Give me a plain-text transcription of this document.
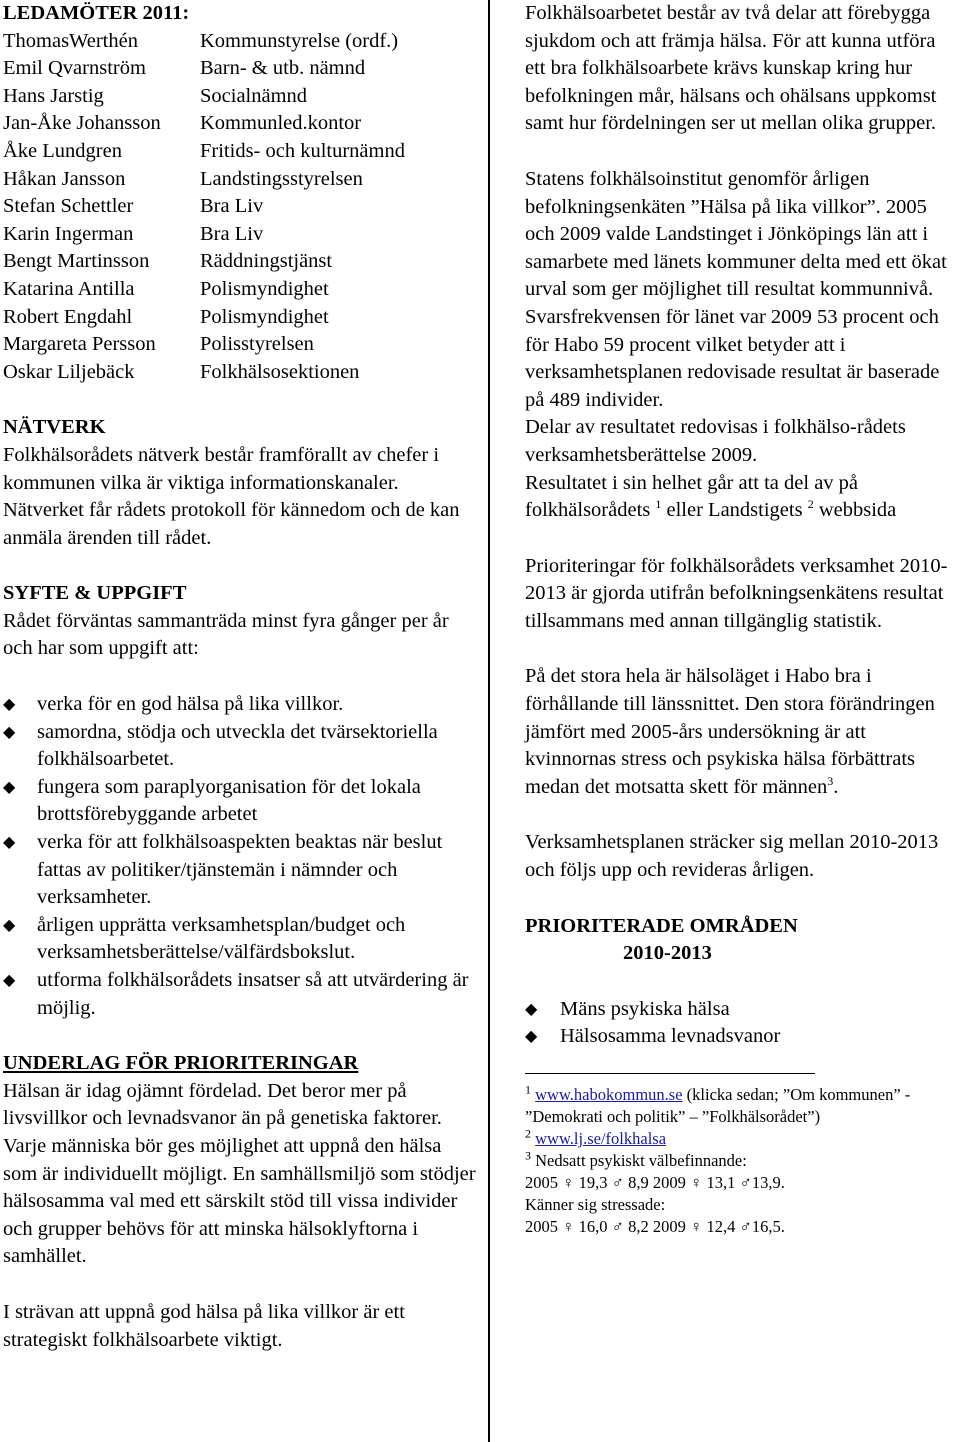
LEDAMÖTER 2011:
ThomasWerthén	Kommunstyrelse (ordf.)
Emil Qvarnström	Barn- & utb. nämnd
Hans Jarstig	Socialnämnd
Jan-Åke Johansson	Kommunled.kontor
Åke Lundgren	Fritids- och kulturnämnd
Håkan Jansson	Landstingsstyrelsen
Stefan Schettler	Bra Liv
Karin Ingerman	Bra Liv
Bengt Martinsson	Räddningstjänst
Katarina Antilla	Polismyndighet
Robert Engdahl	Polismyndighet
Margareta Persson	Polisstyrelsen
Oskar Liljebäck	Folkhälsosektionen
NÄTVERK

Folkhälsorådets nätverk består framförallt av chefer i kommunen vilka är viktiga informationskanaler. Nätverket får rådets protokoll för kännedom och de kan anmäla ärenden till rådet.

SYFTE & UPPGIFT

Rådet förväntas sammanträda minst fyra gånger per år och har som uppgift att:

◆ verka för en god hälsa på lika villkor.
◆ samordna, stödja och utveckla det tvärsektoriella folkhälsoarbetet.
◆ fungera som paraplyorganisation för det lokala brottsförebyggande arbetet
◆ verka för att folkhälsoaspekten beaktas när beslut fattas av politiker/tjänstemän i nämnder och verksamheter.
◆ årligen upprätta verksamhetsplan/budget och verksamhetsberättelse/välfärdsbokslut.
◆ utforma folkhälsorådets insatser så att utvärdering är möjlig.
UNDERLAG FÖR PRIORITERINGAR

Hälsan är idag ojämnt fördelad. Det beror mer på livsvillkor och levnadsvanor än på genetiska faktorer. Varje människa bör ges möjlighet att uppnå den hälsa som är individuellt möjligt. En samhällsmiljö som stödjer hälsosamma val med ett särskilt stöd till vissa individer och grupper behövs för att minska hälsoklyftorna i samhället.

I strävan att uppnå god hälsa på lika villkor är ett strategiskt folkhälsoarbete viktigt.

Folkhälsoarbetet består av två delar att förebygga sjukdom och att främja hälsa. För att kunna utföra ett bra folkhälsoarbete krävs kunskap kring hur befolkningen mår, hälsans och ohälsans uppkomst samt hur fördelningen ser ut mellan olika grupper.

Statens folkhälsoinstitut genomför årligen befolkningsenkäten ”Hälsa på lika villkor”. 2005 och 2009 valde Landstinget i Jönköpings län att i samarbete med länets kommuner delta med ett ökat urval som ger möjlighet till resultat kommunnivå. Svarsfrekvensen för länet var 2009 53 procent och för Habo 59 procent vilket betyder att i verksamhetsplanen redovisade resultat är baserade på 489 individer.

Delar av resultatet redovisas i folkhälso-rådets verksamhetsberättelse 2009.

Resultatet i sin helhet går att ta del av på folkhälsorådets $^1$ eller Landstigets $^2$ webbsida

Prioriteringar för folkhälsorådets verksamhet 2010-2013 är gjorda utifrån befolkningsenkätens resultat tillsammans med annan tillgänglig statistik.

På det stora hela är hälsoläget i Habo bra i förhållande till länssnittet. Den stora förändringen jämfört med 2005-års undersökning är att kvinnornas stress och psykiska hälsa förbättrats medan det motsatta skett för männen$^3$.

Verksamhetsplanen sträcker sig mellan 2010-2013 och följs upp och revideras årligen.

PRIORITERADE OMRÅDEN
2010-2013
◆ Mäns psykiska hälsa
◆ Hälsosamma levnadsvanor
$^1$ www.habokommun.se (klicka sedan; ”Om kommunen” - ”Demokrati och politik” – ”Folkhälsorådet”)
$^2$ www.lj.se/folkhalsa
$^3$ Nedsatt psykiskt välbefinnande:
2005 ♀ 19,3 ♂ 8,9 2009 ♀ 13,1 ♂13,9.
Känner sig stressade:
2005 ♀ 16,0 ♂ 8,2 2009 ♀ 12,4 ♂16,5.
